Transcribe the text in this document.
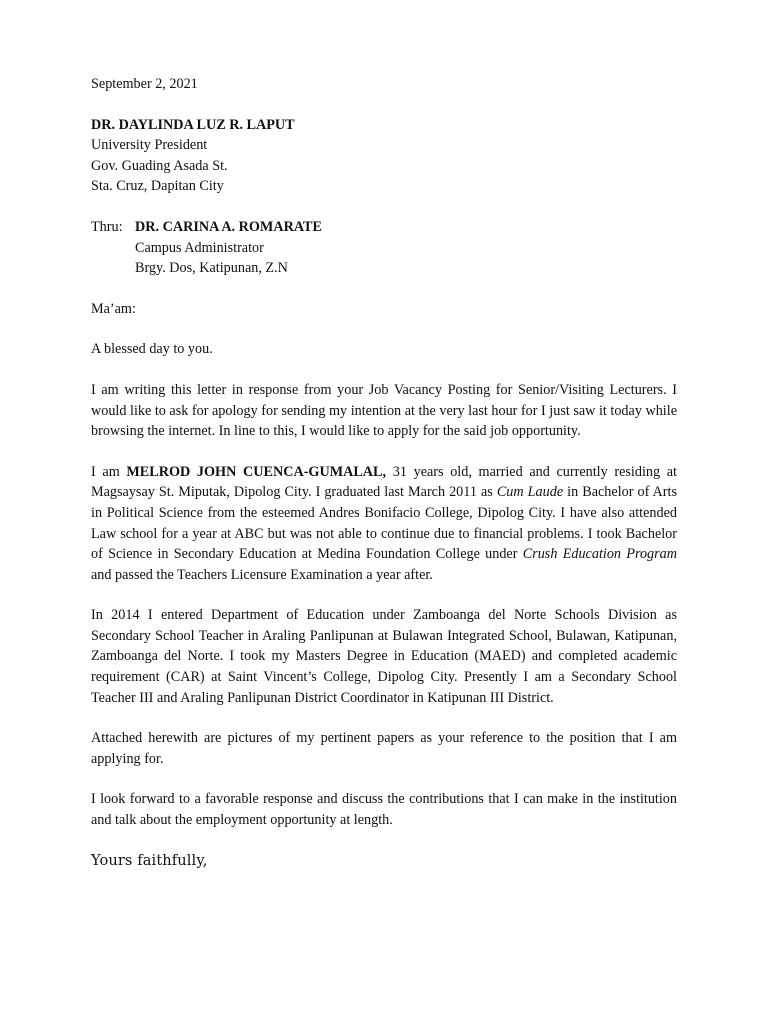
September 2, 2021
DR. DAYLINDA LUZ R. LAPUT
University President
Gov. Guading Asada St.
Sta. Cruz, Dapitan City
Thru: DR. CARINA A. ROMARATE
Campus Administrator
Brgy. Dos, Katipunan, Z.N

Ma’am:

A blessed day to you.

I am writing this letter in response from your Job Vacancy Posting for Senior/Visiting Lecturers. I would like to ask for apology for sending my intention at the very last hour for I just saw it today while browsing the internet. In line to this, I would like to apply for the said job opportunity.

I am MELROD JOHN CUENCA-GUMALAL, 31 years old, married and currently residing at Magsaysay St. Miputak, Dipolog City. I graduated last March 2011 as Cum Laude in Bachelor of Arts in Political Science from the esteemed Andres Bonifacio College, Dipolog City. I have also attended Law school for a year at ABC but was not able to continue due to financial problems. I took Bachelor of Science in Secondary Education at Medina Foundation College under Crush Education Program and passed the Teachers Licensure Examination a year after.

In 2014 I entered Department of Education under Zamboanga del Norte Schools Division as Secondary School Teacher in Araling Panlipunan at Bulawan Integrated School, Bulawan, Katipunan, Zamboanga del Norte. I took my Masters Degree in Education (MAED) and completed academic requirement (CAR) at Saint Vincent’s College, Dipolog City. Presently I am a Secondary School Teacher III and Araling Panlipunan District Coordinator in Katipunan III District.

Attached herewith are pictures of my pertinent papers as your reference to the position that I am applying for.

I look forward to a favorable response and discuss the contributions that I can make in the institution and talk about the employment opportunity at length.

Yours faithfully,
